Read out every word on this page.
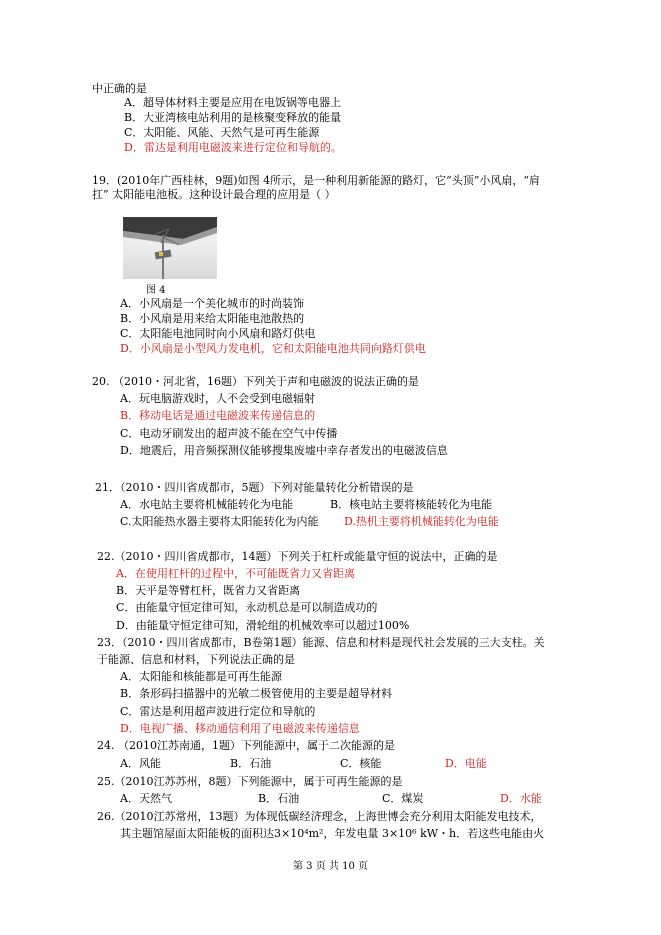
中正确的是
A．超导体材料主要是应用在电饭锅等电器上
B．大亚湾核电站利用的是核聚变释放的能量
C．太阳能、风能、天然气是可再生能源
D．雷达是利用电磁波来进行定位和导航的。
19．(2010年广西桂林，9题)如图 4所示，是一种利用新能源的路灯，它“头顶”小风扇，“肩
扛” 太阳能电池板。这种设计最合理的应用是（ ）
图 4
A．小风扇是一个美化城市的时尚装饰
B．小风扇是用来给太阳能电池散热的
C．太阳能电池同时向小风扇和路灯供电
D．小风扇是小型风力发电机，它和太阳能电池共同向路灯供电
20. （2010・河北省，16题）下列关于声和电磁波的说法正确的是
A．玩电脑游戏时，人不会受到电磁辐射
B．移动电话是通过电磁波来传递信息的
C．电动牙刷发出的超声波不能在空气中传播
D．地震后，用音频探测仪能够搜集废墟中幸存者发出的电磁波信息
21．（2010・四川省成都市，5题）下列对能量转化分析错误的是
A．水电站主要将机械能转化为电能	B．核电站主要将核能转化为电能
C.太阳能热水器主要将太阳能转化为内能 D.热机主要将机械能转化为电能
22.（2010・四川省成都市，14题）下列关于杠杆或能量守恒的说法中，正确的是
A．在使用杠杆的过程中，不可能既省力又省距离
B．天平是等臂杠杆，既省力又省距离
C．由能量守恒定律可知，永动机总是可以制造成功的
D．由能量守恒定律可知，滑轮组的机械效率可以超过100%
23．（2010・四川省成都市，B卷第1题）能源、信息和材料是现代社会发展的三大支柱。关
于能源、信息和材料，下列说法正确的是
A．太阳能和核能都是可再生能源
B．条形码扫描器中的光敏二极管使用的主要是超导材料
C．雷达是利用超声波进行定位和导航的
D．电视广播、移动通信利用了电磁波来传递信息
24. （2010江苏南通，1题）下列能源中，属于二次能源的是
A．风能	B．石油	C．核能	D．电能
25.（2010江苏苏州，8题）下列能源中，属于可再生能源的是
A．天然气	B．石油	C．煤炭	D．水能
26.（2010江苏常州，13题）为体现低碳经济理念，上海世博会充分利用太阳能发电技术，
其主题馆屋面太阳能板的面积达3×10⁴m²，年发电量 3×10⁶ kW・h．若这些电能由火
第 3 页 共 10 页
